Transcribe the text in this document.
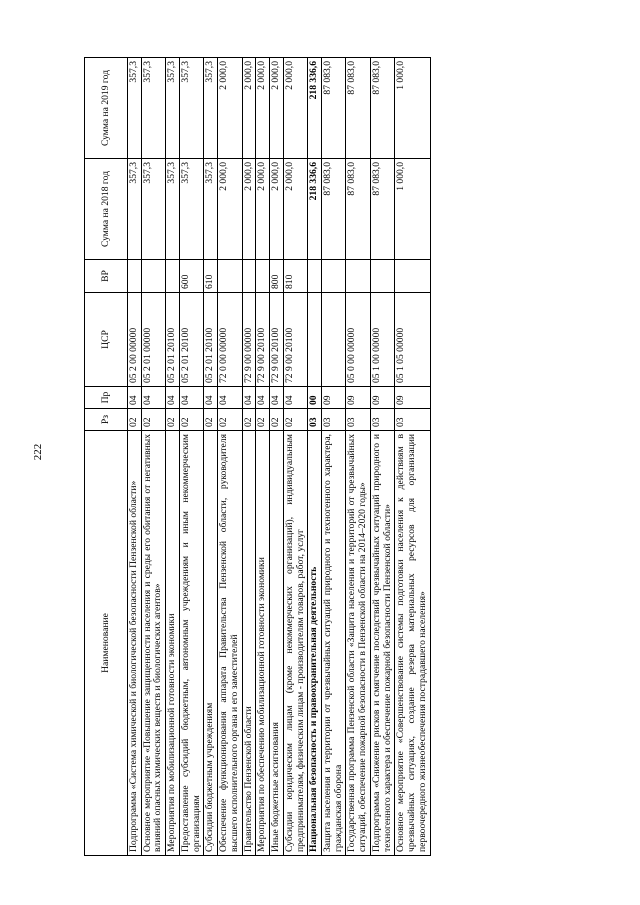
222
Наименование	Рз	Пр	ЦСР	ВР	Сумма на 2018 год	Сумма на 2019 год
Подпрограмма «Система химической и биологической безопасности Пензенской области»	02	04	05 2 00 00000		357,3	357,3
Основное мероприятие «Повышение защищенности населения и среды его обитания от негативных влияний опасных химических веществ и биологических агентов»	02	04	05 2 01 00000		357,3	357,3
Мероприятия по мобилизационной готовности экономики	02	04	05 2 01 20100		357,3	357,3
Предоставление субсидий бюджетным, автономным учреждениям и иным некоммерческим организациям	02	04	05 2 01 20100	600	357,3	357,3
Субсидии бюджетным учреждениям	02	04	05 2 01 20100	610	357,3	357,3
Обеспечение функционирования аппарата Правительства Пензенской области, руководителя высшего исполнительного органа и его заместителей	02	04	72 0 00 00000		2 000,0	2 000,0
Правительство Пензенской области	02	04	72 9 00 00000		2 000,0	2 000,0
Мероприятия по обеспечению мобилизационной готовности экономики	02	04	72 9 00 20100		2 000,0	2 000,0
Иные бюджетные ассигнования	02	04	72 9 00 20100	800	2 000,0	2 000,0
Субсидии юридическим лицам (кроме некоммерческих организаций), индивидуальным предпринимателям, физическим лицам - производителям товаров, работ, услуг	02	04	72 9 00 20100	810	2 000,0	2 000,0
Национальная безопасность и правоохранительная деятельность	03	00			218 336,6	218 336,6
Защита населения и территории от чрезвычайных ситуаций природного и техногенного характера, гражданская оборона	03	09			87 083,0	87 083,0
Государственная программа Пензенской области «Защита населения и территорий от чрезвычайных ситуаций, обеспечение пожарной безопасности в Пензенской области на 2014–2020 годы»	03	09	05 0 00 00000		87 083,0	87 083,0
Подпрограмма «Снижение рисков и смягчение последствий чрезвычайных ситуаций природного и техногенного характера и обеспечение пожарной безопасности Пензенской области»	03	09	05 1 00 00000		87 083,0	87 083,0
Основное мероприятие «Совершенствование системы подготовки населения к действиям в чрезвычайных ситуациях, создание резерва материальных ресурсов для организации первоочередного жизнеобеспечения пострадавшего населения»	03	09	05 1 05 00000		1 000,0	1 000,0
